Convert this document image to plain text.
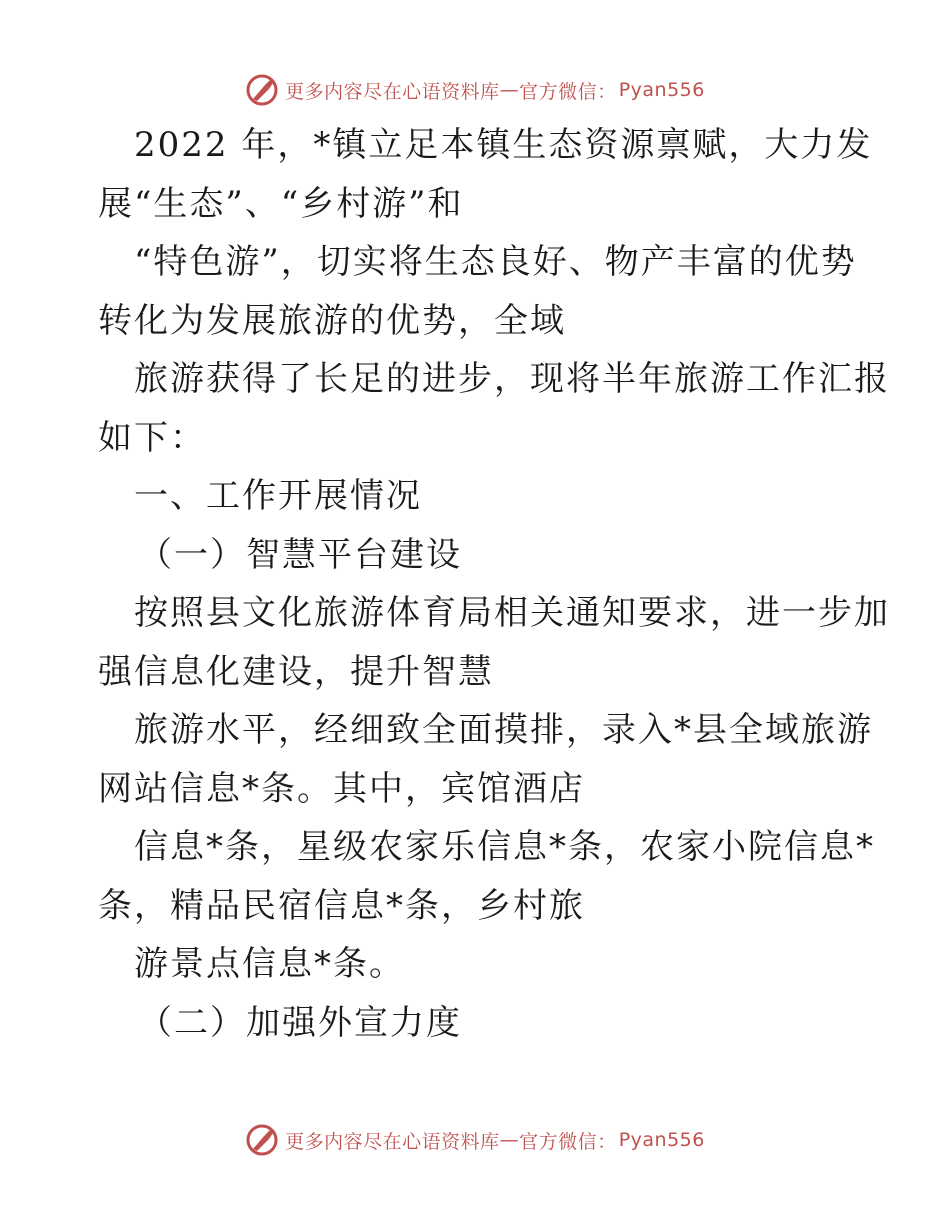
更多内容尽在心语资料库 — 官方微信： Pyan556
2022 年，*镇立足本镇生态资源禀赋，大力发
展“生态”、“乡村游”和
“特色游”，切实将生态良好、物产丰富的优势
转化为发展旅游的优势，全域
旅游获得了长足的进步，现将半年旅游工作汇报
如下：
一、工作开展情况
（一）智慧平台建设
按照县文化旅游体育局相关通知要求，进一步加
强信息化建设，提升智慧
旅游水平，经细致全面摸排，录入*县全域旅游
网站信息*条。其中，宾馆酒店
信息*条，星级农家乐信息*条，农家小院信息*
条，精品民宿信息*条，乡村旅
游景点信息*条。
（二）加强外宣力度
更多内容尽在心语资料库 — 官方微信： Pyan556
